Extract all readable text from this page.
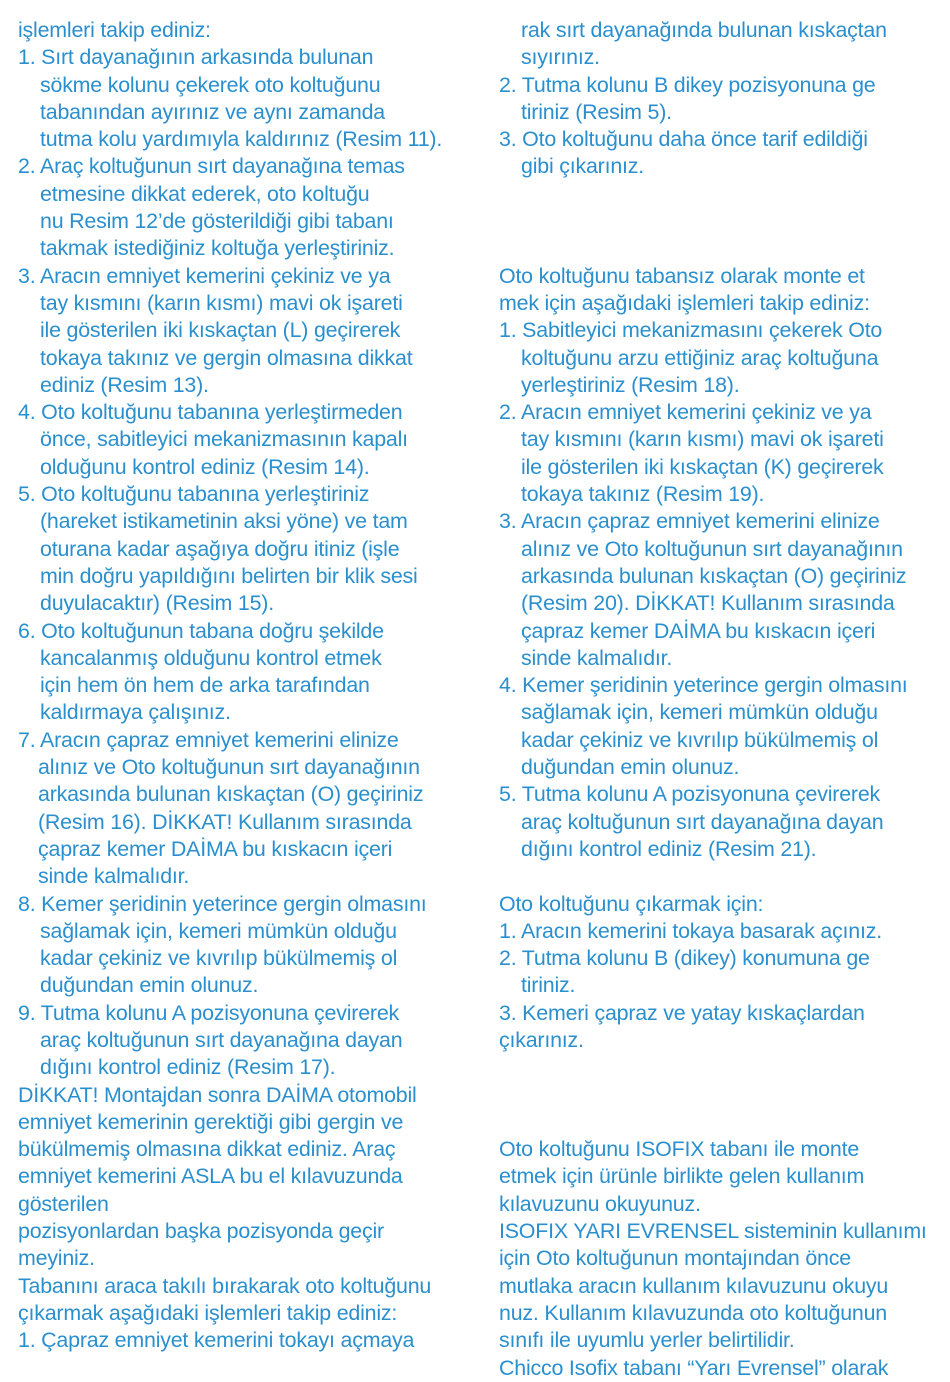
işlemleri takip ediniz:
1. Sırt dayanağının arkasında bulunan
sökme kolunu çekerek oto koltuğunu
tabanından ayırınız ve aynı zamanda
tutma kolu yardımıyla kaldırınız (Resim 11).
2. Araç koltuğunun sırt dayanağına temas
etmesine dikkat ederek, oto koltuğu
nu Resim 12’de gösterildiği gibi tabanı
takmak istediğiniz koltuğa yerleştiriniz.
3. Aracın emniyet kemerini çekiniz ve ya
tay kısmını (karın kısmı) mavi ok işareti
ile gösterilen iki kıskaçtan (L) geçirerek
tokaya takınız ve gergin olmasına dikkat
ediniz (Resim 13).
4. Oto koltuğunu tabanına yerleştirmeden
önce, sabitleyici mekanizmasının kapalı
olduğunu kontrol ediniz (Resim 14).
5. Oto koltuğunu tabanına yerleştiriniz
(hareket istikametinin aksi yöne) ve tam
oturana kadar aşağıya doğru itiniz (işle
min doğru yapıldığını belirten bir klik sesi
duyulacaktır) (Resim 15).
6. Oto koltuğunun tabana doğru şekilde
kancalanmış olduğunu kontrol etmek
için hem ön hem de arka tarafından
kaldırmaya çalışınız.
7. Aracın çapraz emniyet kemerini elinize
alınız ve Oto koltuğunun sırt dayanağının
arkasında bulunan kıskaçtan (O) geçiriniz
(Resim 16). DİKKAT! Kullanım sırasında
çapraz kemer DAİMA bu kıskacın içeri
sinde kalmalıdır.
8. Kemer şeridinin yeterince gergin olmasını
sağlamak için, kemeri mümkün olduğu
kadar çekiniz ve kıvrılıp bükülmemiş ol
duğundan emin olunuz.
9. Tutma kolunu A pozisyonuna çevirerek
araç koltuğunun sırt dayanağına dayan
dığını kontrol ediniz (Resim 17).
DİKKAT! Montajdan sonra DAİMA otomobil
emniyet kemerinin gerektiği gibi gergin ve
bükülmemiş olmasına dikkat ediniz. Araç
emniyet kemerini ASLA bu el kılavuzunda
gösterilen
pozisyonlardan başka pozisyonda geçir
meyiniz.
Tabanını araca takılı bırakarak oto koltuğunu
çıkarmak aşağıdaki işlemleri takip ediniz:
1. Çapraz emniyet kemerini tokayı açmaya
rak sırt dayanağında bulunan kıskaçtan
sıyırınız.
2. Tutma kolunu B dikey pozisyonuna ge
tiriniz (Resim 5).
3. Oto koltuğunu daha önce tarif edildiği
gibi çıkarınız.
Oto koltuğunu tabansız olarak monte et
mek için aşağıdaki işlemleri takip ediniz:
1. Sabitleyici mekanizmasını çekerek Oto
koltuğunu arzu ettiğiniz araç koltuğuna
yerleştiriniz (Resim 18).
2. Aracın emniyet kemerini çekiniz ve ya
tay kısmını (karın kısmı) mavi ok işareti
ile gösterilen iki kıskaçtan (K) geçirerek
tokaya takınız (Resim 19).
3. Aracın çapraz emniyet kemerini elinize
alınız ve Oto koltuğunun sırt dayanağının
arkasında bulunan kıskaçtan (O) geçiriniz
(Resim 20). DİKKAT! Kullanım sırasında
çapraz kemer DAİMA bu kıskacın içeri
sinde kalmalıdır.
4. Kemer şeridinin yeterince gergin olmasını
sağlamak için, kemeri mümkün olduğu
kadar çekiniz ve kıvrılıp bükülmemiş ol
duğundan emin olunuz.
5. Tutma kolunu A pozisyonuna çevirerek
araç koltuğunun sırt dayanağına dayan
dığını kontrol ediniz (Resim 21).
Oto koltuğunu çıkarmak için:
1. Aracın kemerini tokaya basarak açınız.
2. Tutma kolunu B (dikey) konumuna ge
tiriniz.
3. Kemeri çapraz ve yatay kıskaçlardan
çıkarınız.
Oto koltuğunu ISOFIX tabanı ile monte
etmek için ürünle birlikte gelen kullanım
kılavuzunu okuyunuz.
ISOFIX YARI EVRENSEL sisteminin kullanımı
için Oto koltuğunun montajından önce
mutlaka aracın kullanım kılavuzunu okuyu
nuz. Kullanım kılavuzunda oto koltuğunun
sınıfı ile uyumlu yerler belirtilidir.
Chicco Isofix tabanı “Yarı Evrensel” olarak
